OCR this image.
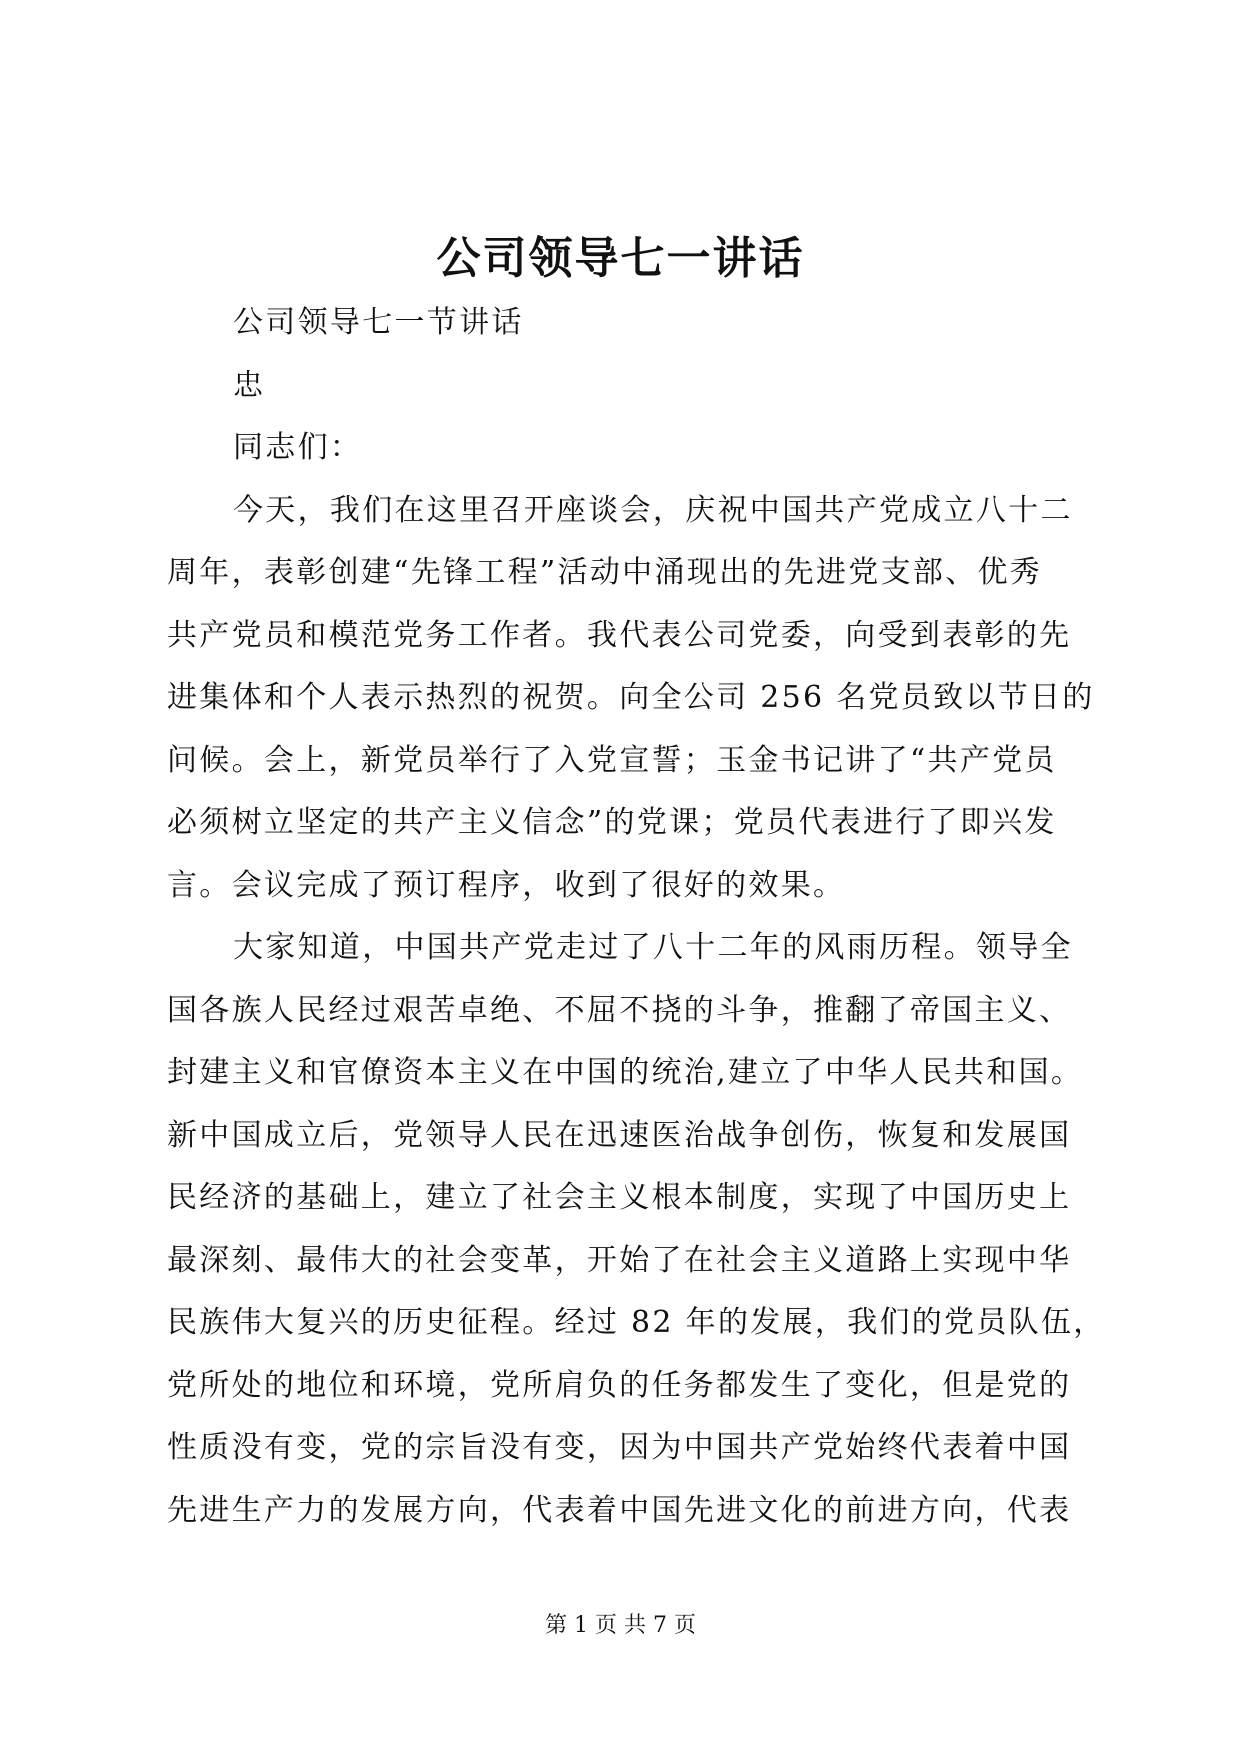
公司领导七一讲话

公司领导七一节讲话

忠

同志们：

今天，我们在这里召开座谈会，庆祝中国共产党成立八十二

周年，表彰创建“先锋工程”活动中涌现出的先进党支部、优秀

共产党员和模范党务工作者。我代表公司党委，向受到表彰的先

进集体和个人表示热烈的祝贺。向全公司 256 名党员致以节日的

问候。会上，新党员举行了入党宣誓；玉金书记讲了“共产党员

必须树立坚定的共产主义信念”的党课；党员代表进行了即兴发

言。会议完成了预订程序，收到了很好的效果。

大家知道，中国共产党走过了八十二年的风雨历程。领导全

国各族人民经过艰苦卓绝、不屈不挠的斗争，推翻了帝国主义、

封建主义和官僚资本主义在中国的统治,建立了中华人民共和国。

新中国成立后，党领导人民在迅速医治战争创伤，恢复和发展国

民经济的基础上，建立了社会主义根本制度，实现了中国历史上

最深刻、最伟大的社会变革，开始了在社会主义道路上实现中华

民族伟大复兴的历史征程。经过 82 年的发展，我们的党员队伍，

党所处的地位和环境，党所肩负的任务都发生了变化，但是党的

性质没有变，党的宗旨没有变，因为中国共产党始终代表着中国

先进生产力的发展方向，代表着中国先进文化的前进方向，代表

第 1 页 共 7 页
